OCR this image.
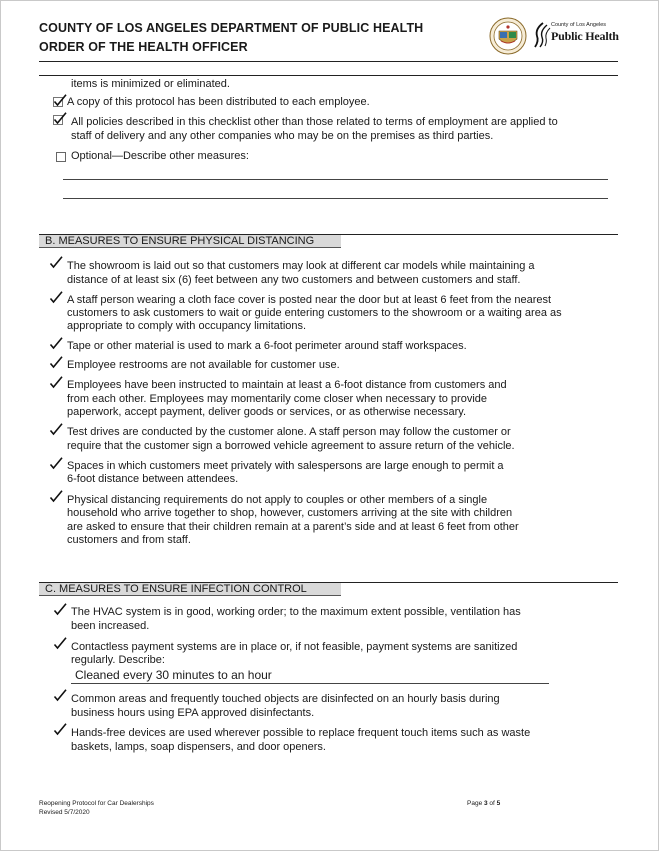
COUNTY OF LOS ANGELES DEPARTMENT OF PUBLIC HEALTH
ORDER OF THE HEALTH OFFICER
County of Los Angeles
Public Health
items is minimized or eliminated.
A copy of this protocol has been distributed to each employee.
All policies described in this checklist other than those related to terms of employment are applied to
staff of delivery and any other companies who may be on the premises as third parties.
Optional—Describe other measures:
B. MEASURES TO ENSURE PHYSICAL DISTANCING
The showroom is laid out so that customers may look at different car models while maintaining a
distance of at least six (6) feet between any two customers and between customers and staff.
A staff person wearing a cloth face cover is posted near the door but at least 6 feet from the nearest
customers to ask customers to wait or guide entering customers to the showroom or a waiting area as
appropriate to comply with occupancy limitations.
Tape or other material is used to mark a 6-foot perimeter around staff workspaces.
Employee restrooms are not available for customer use.
Employees have been instructed to maintain at least a 6-foot distance from customers and
from each other. Employees may momentarily come closer when necessary to provide
paperwork, accept payment, deliver goods or services, or as otherwise necessary.
Test drives are conducted by the customer alone. A staff person may follow the customer or
require that the customer sign a borrowed vehicle agreement to assure return of the vehicle.
Spaces in which customers meet privately with salespersons are large enough to permit a
6-foot distance between attendees.
Physical distancing requirements do not apply to couples or other members of a single
household who arrive together to shop, however, customers arriving at the site with children
are asked to ensure that their children remain at a parent’s side and at least 6 feet from other
customers and from staff.
C. MEASURES TO ENSURE INFECTION CONTROL
The HVAC system is in good, working order; to the maximum extent possible, ventilation has
been increased.
Contactless payment systems are in place or, if not feasible, payment systems are sanitized
regularly. Describe:
Cleaned every 30 minutes to an hour
Common areas and frequently touched objects are disinfected on an hourly basis during
business hours using EPA approved disinfectants.
Hands-free devices are used wherever possible to replace frequent touch items such as waste
baskets, lamps, soap dispensers, and door openers.
Reopening Protocol for Car Dealerships
Revised 5/7/2020
Page 3 of 5
